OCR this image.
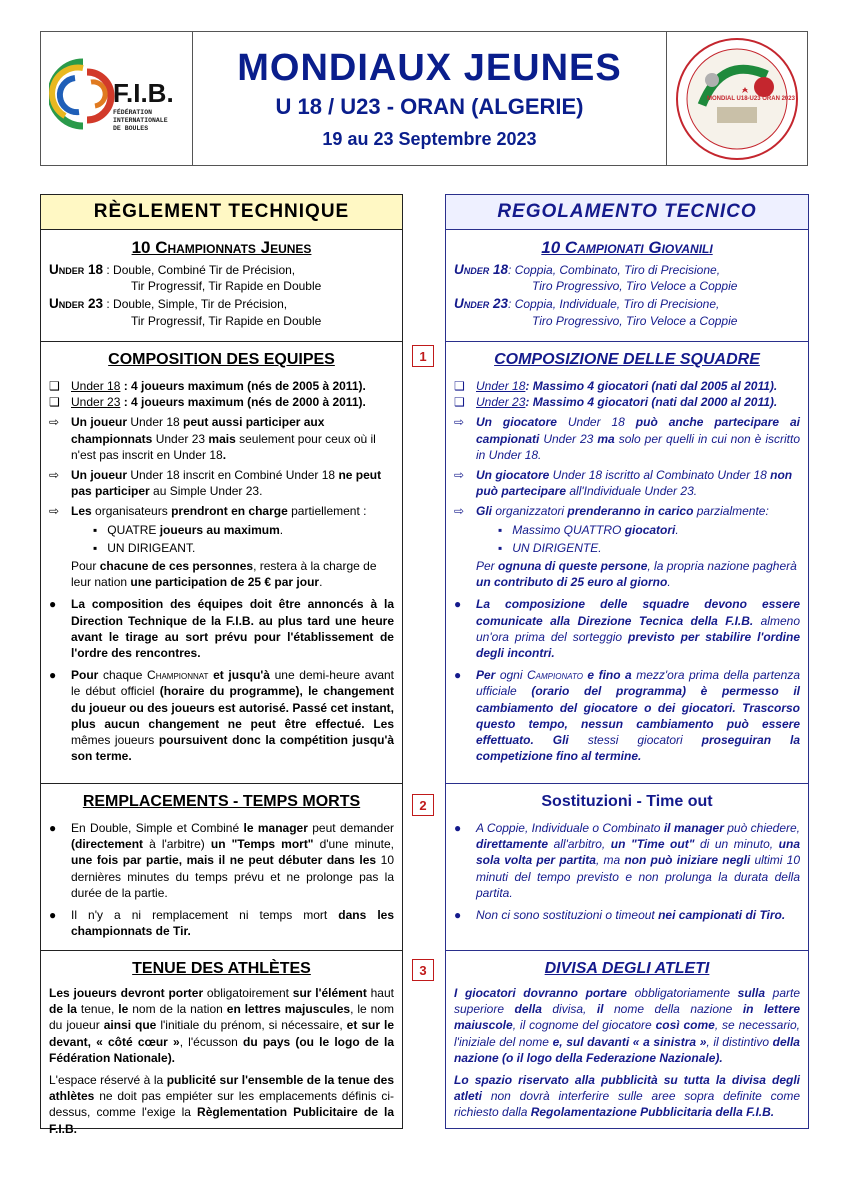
F.I.B.
FÉDÉRATION
INTERNATIONALE
DE BOULES
MONDIAUX JEUNES
U 18 / U23 - ORAN (ALGERIE)
19 au 23 Septembre 2023
MONDIAL U18-U23 ORAN 2023
1
2
3
RÈGLEMENT TECHNIQUE
10 Championnats Jeunes
Under 18 : Double, Combiné Tir de Précision,
Tir Progressif, Tir Rapide en Double
Under 23 : Double, Simple, Tir de Précision,
Tir Progressif, Tir Rapide en Double
COMPOSITION DES EQUIPES
❑ Under 18 : 4 joueurs maximum (nés de 2005 à 2011).
❑ Under 23 : 4 joueurs maximum (nés de 2000 à 2011).
⇨ Un joueur Under 18 peut aussi participer aux championnats Under 23 mais seulement pour ceux où il n'est pas inscrit en Under 18.
⇨ Un joueur Under 18 inscrit en Combiné Under 18 ne peut pas participer au Simple Under 23.
⇨ Les organisateurs prendront en charge partiellement :
▪   QUATRE joueurs au maximum.
▪   UN DIRIGEANT.
Pour chacune de ces personnes, restera à la charge de leur nation une participation de 25 € par jour.
●	La composition des équipes doit être annoncés à la Direction Technique de la F.I.B. au plus tard une heure avant le tirage au sort prévu pour l'établissement de l'ordre des rencontres.
●	Pour chaque Championnat et jusqu'à une demi-heure avant le début officiel (horaire du programme), le changement du joueur ou des joueurs est autorisé. Passé cet instant, plus aucun changement ne peut être effectué. Les mêmes joueurs poursuivent donc la compétition jusqu'à son terme.
REMPLACEMENTS - TEMPS MORTS
●	En Double, Simple et Combiné le manager peut demander (directement à l'arbitre) un "Temps mort" d'une minute, une fois par partie, mais il ne peut débuter dans les 10 dernières minutes du temps prévu et ne prolonge pas la durée de la partie.
●	Il n'y a ni remplacement ni temps mort dans les championnats de Tir.
TENUE DES ATHLÈTES
Les joueurs devront porter obligatoirement sur l'élément haut de la tenue, le nom de la nation en lettres majuscules, le nom du joueur ainsi que l'initiale du prénom, si nécessaire, et sur le devant, « côté cœur », l'écusson du pays (ou le logo de la Fédération Nationale).
L'espace réservé à la publicité sur l'ensemble de la tenue des athlètes ne doit pas empiéter sur les emplacements définis ci-dessus, comme l'exige la Règlementation Publicitaire de la F.I.B.
REGOLAMENTO TECNICO
10 Campionati Giovanili
Under 18: Coppia, Combinato, Tiro di Precisione,
Tiro Progressivo, Tiro Veloce a Coppie
Under 23: Coppia, Individuale, Tiro di Precisione,
Tiro Progressivo, Tiro Veloce a Coppie
COMPOSIZIONE DELLE SQUADRE
❑ Under 18: Massimo 4 giocatori (nati dal 2005 al 2011).
❑ Under 23: Massimo 4 giocatori (nati dal 2000 al 2011).
⇨ Un giocatore Under 18 può anche partecipare ai campionati Under 23 ma solo per quelli in cui non è iscritto in Under 18.
⇨ Un giocatore Under 18 iscritto al Combinato Under 18 non può partecipare all'Individuale Under 23.
⇨ Gli organizzatori prenderanno in carico parzialmente:
▪   Massimo QUATTRO giocatori.
▪   UN DIRIGENTE.
Per ognuna di queste persone, la propria nazione pagherà un contributo di 25 euro al giorno.
●	La composizione delle squadre devono essere comunicate alla Direzione Tecnica della F.I.B. almeno un'ora prima del sorteggio previsto per stabilire l'ordine degli incontri.
●	Per ogni Campionato e fino a mezz'ora prima della partenza ufficiale (orario del programma) è permesso il cambiamento del giocatore o dei giocatori. Trascorso questo tempo, nessun cambiamento può essere effettuato. Gli stessi giocatori proseguiran la competizione fino al termine.
Sostituzioni - Time out
●	A Coppie, Individuale o Combinato il manager può chiedere, direttamente all'arbitro, un "Time out" di un minuto, una sola volta per partita, ma non può iniziare negli ultimi 10 minuti del tempo previsto e non prolunga la durata della partita.
●	Non ci sono sostituzioni o timeout nei campionati di Tiro.
DIVISA DEGLI ATLETI
I giocatori dovranno portare obbligatoriamente sulla parte superiore della divisa, il nome della nazione in lettere maiuscole, il cognome del giocatore così come, se necessario, l'iniziale del nome e, sul davanti « a sinistra », il distintivo della nazione (o il logo della Federazione Nazionale).
Lo spazio riservato alla pubblicità su tutta la divisa degli atleti non dovrà interferire sulle aree sopra definite come richiesto dalla Regolamentazione Pubblicitaria della F.I.B.
